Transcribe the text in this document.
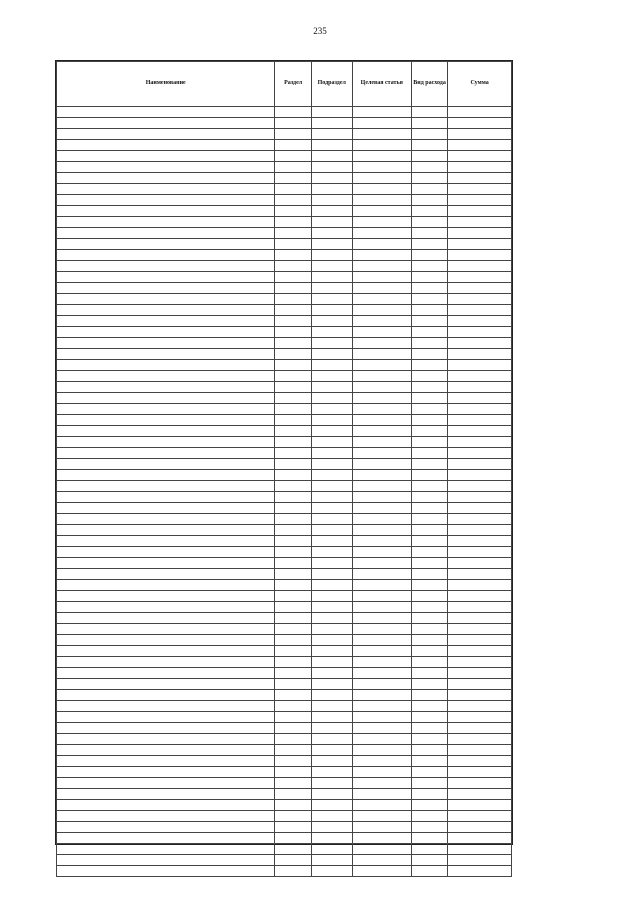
235
Наименование	Раздел	Подраздел	Целевая статья	Вид расхода	Сумма
